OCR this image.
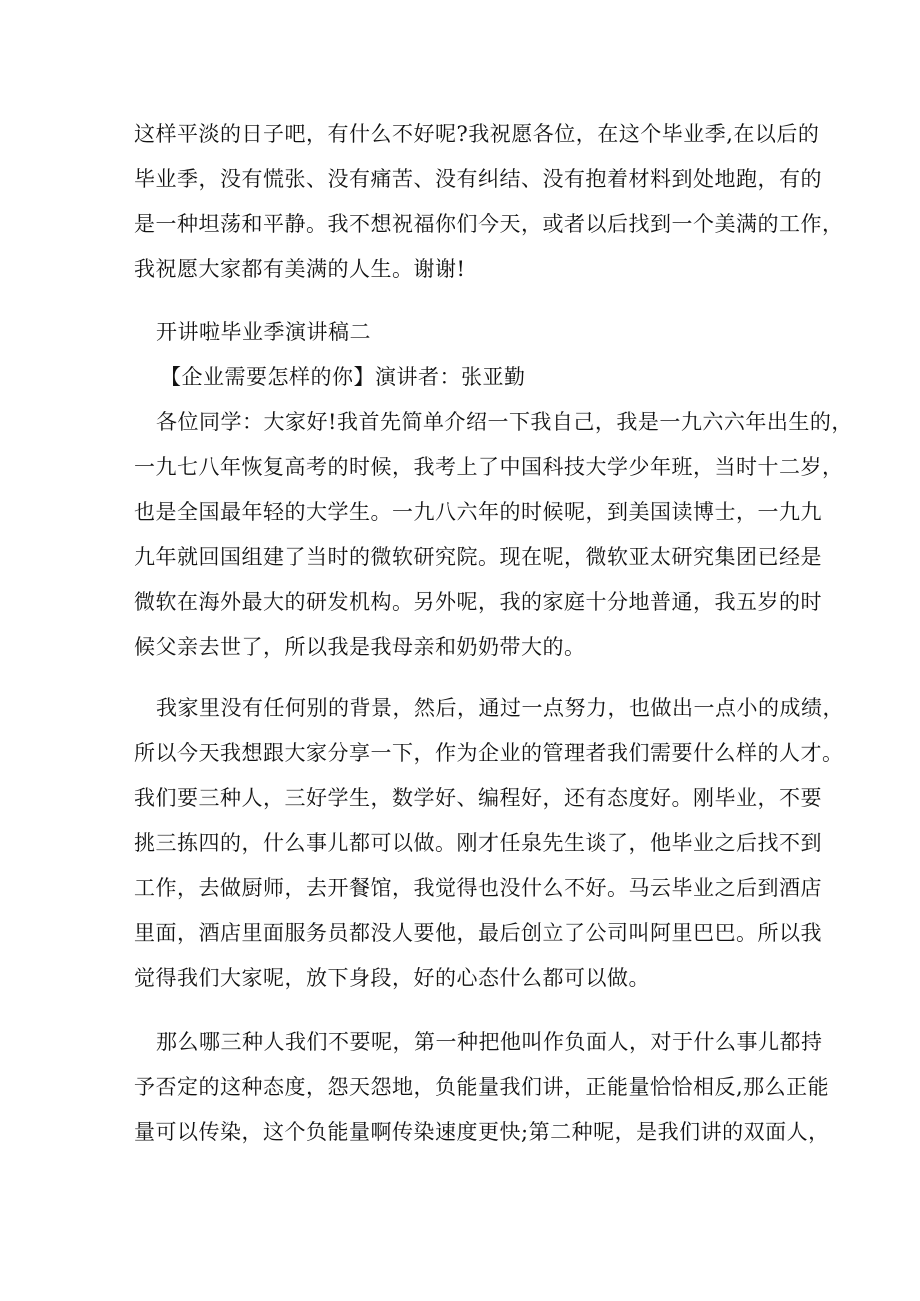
这样平淡的日子吧，有什么不好呢?我祝愿各位，在这个毕业季,在以后的
毕业季，没有慌张、没有痛苦、没有纠结、没有抱着材料到处地跑，有的
是一种坦荡和平静。我不想祝福你们今天，或者以后找到一个美满的工作，
我祝愿大家都有美满的人生。谢谢!
开讲啦毕业季演讲稿二
【企业需要怎样的你】演讲者：张亚勤
各位同学：大家好!我首先简单介绍一下我自己，我是一九六六年出生的，
一九七八年恢复高考的时候，我考上了中国科技大学少年班，当时十二岁，
也是全国最年轻的大学生。一九八六年的时候呢，到美国读博士，一九九
九年就回国组建了当时的微软研究院。现在呢，微软亚太研究集团已经是
微软在海外最大的研发机构。另外呢，我的家庭十分地普通，我五岁的时
候父亲去世了，所以我是我母亲和奶奶带大的。
我家里没有任何别的背景，然后，通过一点努力，也做出一点小的成绩，
所以今天我想跟大家分享一下，作为企业的管理者我们需要什么样的人才。
我们要三种人，三好学生，数学好、编程好，还有态度好。刚毕业，不要
挑三拣四的，什么事儿都可以做。刚才任泉先生谈了，他毕业之后找不到
工作，去做厨师，去开餐馆，我觉得也没什么不好。马云毕业之后到酒店
里面，酒店里面服务员都没人要他，最后创立了公司叫阿里巴巴。所以我
觉得我们大家呢，放下身段，好的心态什么都可以做。
那么哪三种人我们不要呢，第一种把他叫作负面人，对于什么事儿都持
予否定的这种态度，怨天怨地，负能量我们讲，正能量恰恰相反,那么正能
量可以传染，这个负能量啊传染速度更快;第二种呢，是我们讲的双面人，
